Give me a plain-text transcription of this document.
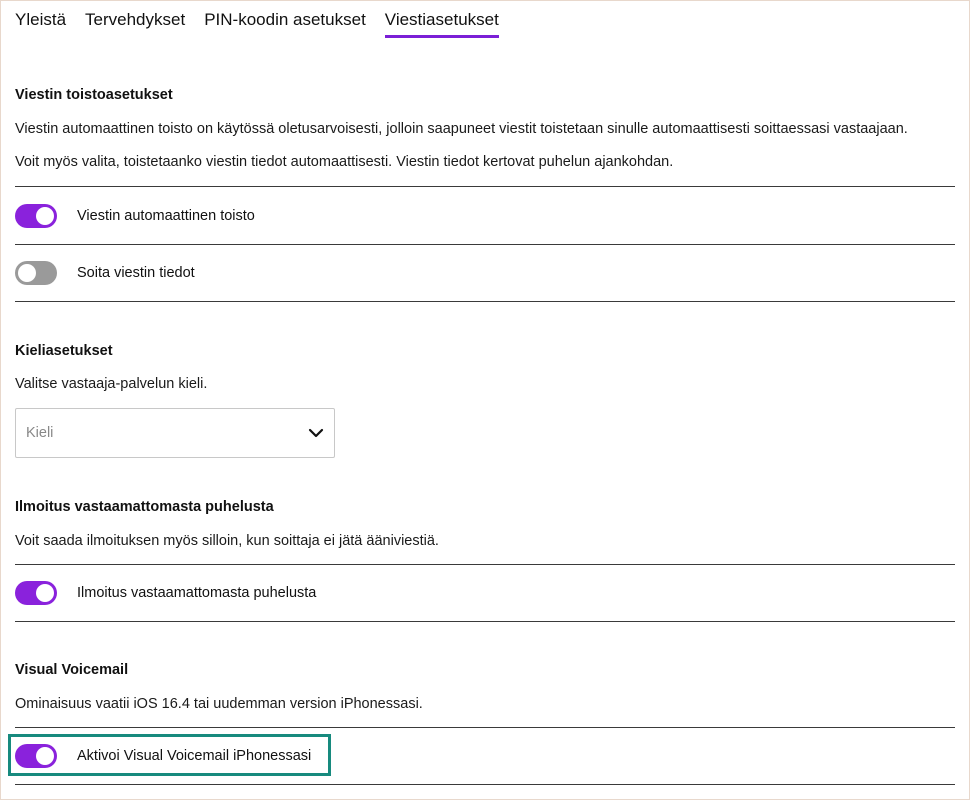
Yleistä Tervehdykset PIN-koodin asetukset Viestiasetukset
Viestin toistoasetukset
Viestin automaattinen toisto on käytössä oletusarvoisesti, jolloin saapuneet viestit toistetaan sinulle automaattisesti soittaessasi vastaajaan.
Voit myös valita, toistetaanko viestin tiedot automaattisesti. Viestin tiedot kertovat puhelun ajankohdan.
Viestin automaattinen toisto
Soita viestin tiedot
Kieliasetukset
Valitse vastaaja-palvelun kieli.
Kieli
Ilmoitus vastaamattomasta puhelusta
Voit saada ilmoituksen myös silloin, kun soittaja ei jätä ääniviestiä.
Ilmoitus vastaamattomasta puhelusta
Visual Voicemail
Ominaisuus vaatii iOS 16.4 tai uudemman version iPhonessasi.
Aktivoi Visual Voicemail iPhonessasi
